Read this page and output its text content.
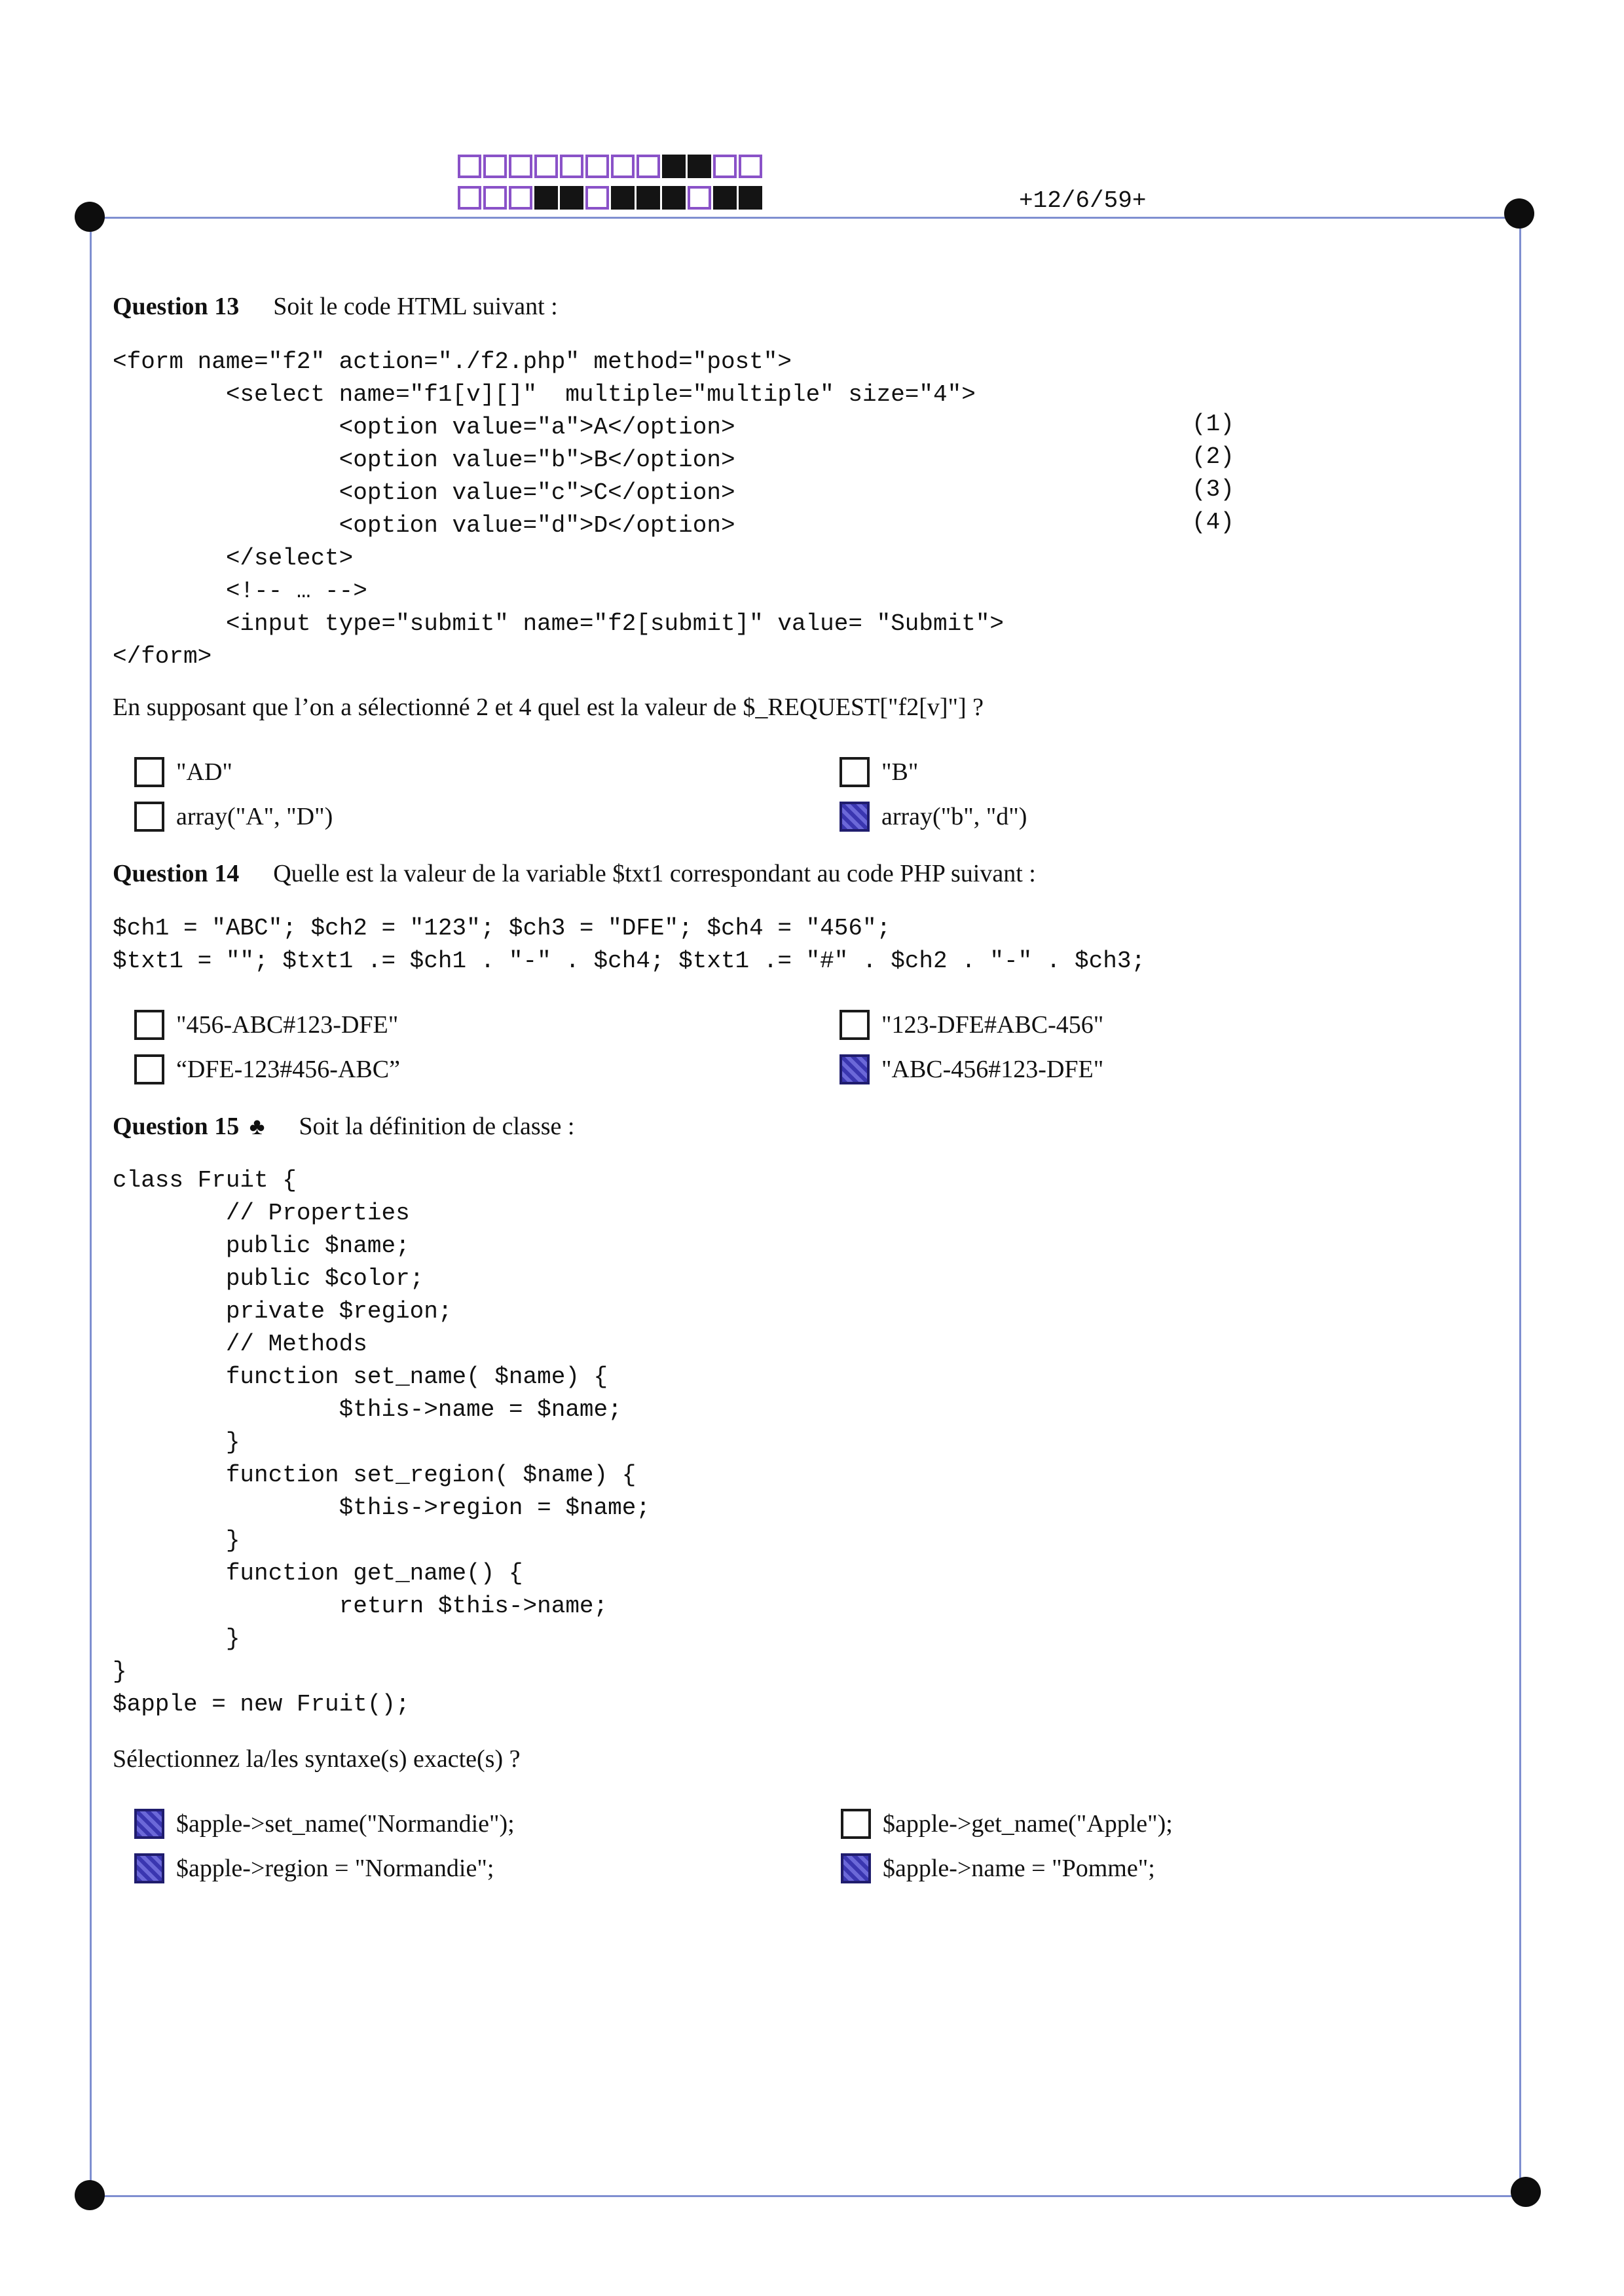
+12/6/59+
Question 13 Soit le code HTML suivant :
<form name="f2" action="./f2.php" method="post">
<select name="f1[v][]"  multiple="multiple" size="4">
<option value="a">A</option>
<option value="b">B</option>
<option value="c">C</option>
<option value="d">D</option>
</select>
<!-- … -->
<input type="submit" name="f2[submit]" value= "Submit">
</form>
(1)
(2)
(3)
(4)
En supposant que l’on a sélectionné 2 et 4 quel est la valeur de $_REQUEST["f2[v]"] ?
"AD"	"B"
array("A", "D")	array("b", "d")
Question 14 Quelle est la valeur de la variable $txt1 correspondant au code PHP suivant :
$ch1 = "ABC"; $ch2 = "123"; $ch3 = "DFE"; $ch4 = "456";
$txt1 = ""; $txt1 .= $ch1 . "-" . $ch4; $txt1 .= "#" . $ch2 . "-" . $ch3;
"456-ABC#123-DFE"	"123-DFE#ABC-456"
“DFE-123#456-ABC”	"ABC-456#123-DFE"
Question 15 ♣ Soit la définition de classe :
class Fruit {
// Properties
public $name;
public $color;
private $region;
// Methods
function set_name( $name) {
$this->name = $name;
}
function set_region( $name) {
$this->region = $name;
}
function get_name() {
return $this->name;
}
}
$apple = new Fruit();
Sélectionnez la/les syntaxe(s) exacte(s) ?
$apple->set_name("Normandie");	$apple->get_name("Apple");
$apple->region = "Normandie";	$apple->name = "Pomme";
